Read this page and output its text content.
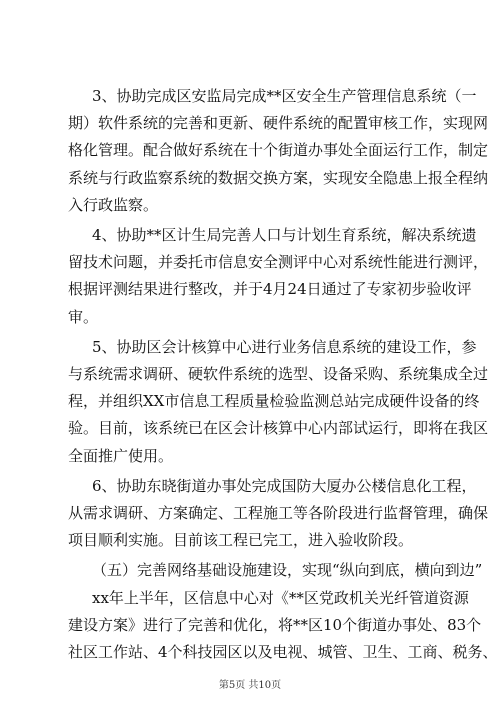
3、协助完成区安监局完成**区安全生产管理信息系统（一
期）软件系统的完善和更新、硬件系统的配置审核工作，实现网
格化管理。配合做好系统在十个街道办事处全面运行工作，制定
系统与行政监察系统的数据交换方案，实现安全隐患上报全程纳
入行政监察。
4、协助**区计生局完善人口与计划生育系统，解决系统遗
留技术问题，并委托市信息安全测评中心对系统性能进行测评，
根据评测结果进行整改，并于4月24日通过了专家初步验收评
审。
5、协助区会计核算中心进行业务信息系统的建设工作，参
与系统需求调研、硬软件系统的选型、设备采购、系统集成全过
程，并组织XX市信息工程质量检验监测总站完成硬件设备的终
验。目前，该系统已在区会计核算中心内部试运行，即将在我区
全面推广使用。
6、协助东晓街道办事处完成国防大厦办公楼信息化工程，
从需求调研、方案确定、工程施工等各阶段进行监督管理，确保
项目顺利实施。目前该工程已完工，进入验收阶段。
（五）完善网络基础设施建设，实现“纵向到底，横向到边”
xx年上半年，区信息中心对《**区党政机关光纤管道资源
建设方案》进行了完善和优化，将**区10个街道办事处、83个
社区工作站、4个科技园区以及电视、城管、卫生、工商、税务、
第5页 共10页
